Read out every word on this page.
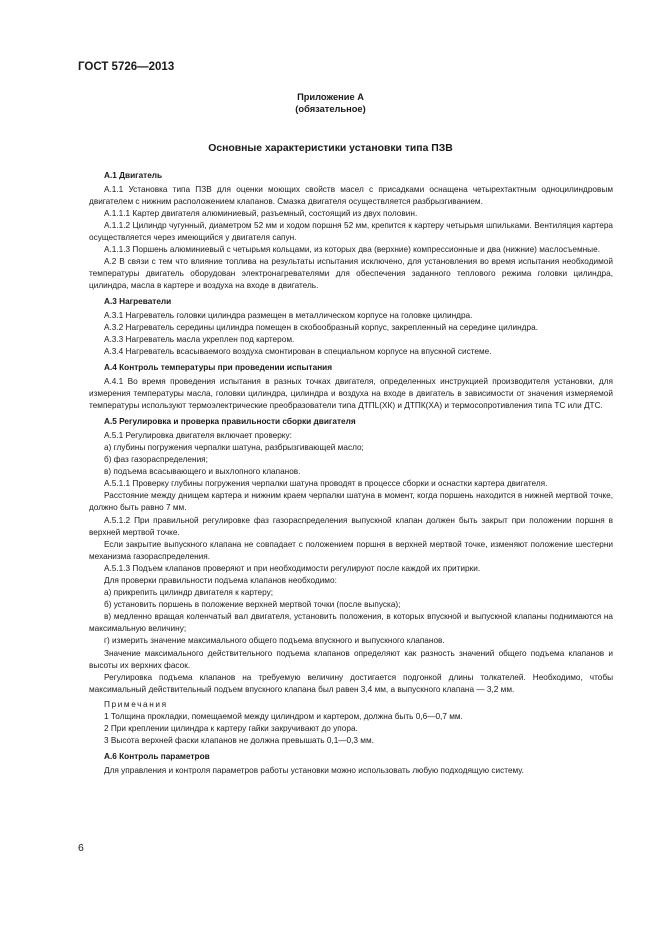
ГОСТ 5726—2013
Приложение А
(обязательное)
Основные характеристики установки типа ПЗВ

А.1 Двигатель

А.1.1 Установка типа ПЗВ для оценки моющих свойств масел с присадками оснащена четырехтактным одноцилиндровым двигателем с нижним расположением клапанов. Смазка двигателя осуществляется разбрызгиванием.

А.1.1.1 Картер двигателя алюминиевый, разъемный, состоящий из двух половин.

А.1.1.2 Цилиндр чугунный, диаметром 52 мм и ходом поршня 52 мм, крепится к картеру четырьмя шпильками. Вентиляция картера осуществляется через имеющийся у двигателя сапун.

А.1.1.3 Поршень алюминиевый с четырьмя кольцами, из которых два (верхние) компрессионные и два (нижние) маслосъемные.

А.2 В связи с тем что влияние топлива на результаты испытания исключено, для установления во время испытания необходимой температуры двигатель оборудован электронагревателями для обеспечения заданного теплового режима головки цилиндра, цилиндра, масла в картере и воздуха на входе в двигатель.

А.3 Нагреватели

А.3.1 Нагреватель головки цилиндра размещен в металлическом корпусе на головке цилиндра.

А.3.2 Нагреватель середины цилиндра помещен в скобообразный корпус, закрепленный на середине цилиндра.

А.3.3 Нагреватель масла укреплен под картером.

А.3.4 Нагреватель всасываемого воздуха смонтирован в специальном корпусе на впускной системе.

А.4 Контроль температуры при проведении испытания

А.4.1 Во время проведения испытания в разных точках двигателя, определенных инструкцией производителя установки, для измерения температуры масла, головки цилиндра, цилиндра и воздуха на входе в двигатель в зависимости от значения измеряемой температуры используют термоэлектрические преобразователи типа ДТПL(ХК) и ДТПК(ХА) и термосопротивления типа ТС или ДТС.

А.5 Регулировка и проверка правильности сборки двигателя

А.5.1 Регулировка двигателя включает проверку:

а) глубины погружения черпалки шатуна, разбрызгивающей масло;

б) фаз газораспределения;

в) подъема всасывающего и выхлопного клапанов.

А.5.1.1 Проверку глубины погружения черпалки шатуна проводят в процессе сборки и оснастки картера двигателя.

Расстояние между днищем картера и нижним краем черпалки шатуна в момент, когда поршень находится в нижней мертвой точке, должно быть равно 7 мм.

А.5.1.2 При правильной регулировке фаз газораспределения выпускной клапан должен быть закрыт при положении поршня в верхней мертвой точке.

Если закрытие выпускного клапана не совпадает с положением поршня в верхней мертвой точке, изменяют положение шестерни механизма газораспределения.

А.5.1.3 Подъем клапанов проверяют и при необходимости регулируют после каждой их притирки.

Для проверки правильности подъема клапанов необходимо:

а) прикрепить цилиндр двигателя к картеру;

б) установить поршень в положение верхней мертвой точки (после выпуска);

в) медленно вращая коленчатый вал двигателя, установить положения, в которых впускной и выпускной клапаны поднимаются на максимальную величину;

г) измерить значение максимального общего подъема впускного и выпускного клапанов.

Значение максимального действительного подъема клапанов определяют как разность значений общего подъема клапанов и высоты их верхних фасок.

Регулировка подъема клапанов на требуемую величину достигается подгонкой длины толкателей. Необходимо, чтобы максимальный действительный подъем впускного клапана был равен 3,4 мм, а выпускного клапана — 3,2 мм.

Примечания

1 Толщина прокладки, помещаемой между цилиндром и картером, должна быть 0,6—0,7 мм.

2 При креплении цилиндра к картеру гайки закручивают до упора.

3 Высота верхней фаски клапанов не должна превышать 0,1—0,3 мм.

А.6 Контроль параметров

Для управления и контроля параметров работы установки можно использовать любую подходящую систему.

6
